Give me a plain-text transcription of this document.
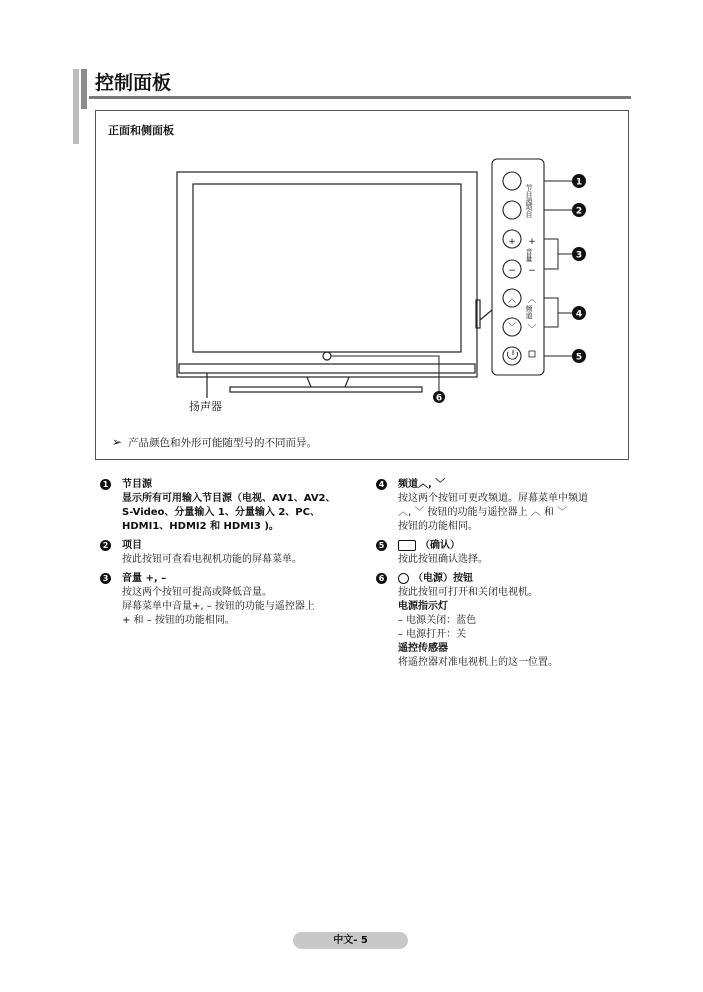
控制面板
正面和侧面板
扬声器
6
+
−
︿
﹀
+
−
︿
﹀
节目源
项目
音量
频道
1
2
3
4
5
➢ 产品颜色和外形可能随型号的不同而异。
1 节目源
显示所有可用输入节目源（电视、AV1、AV2、
S-Video、分量输入 1、分量输入 2、PC、
HDMI1、HDMI2 和 HDMI3 )。
2 项目
按此按钮可查看电视机功能的屏幕菜单。
3 音量 +, –
按这两个按钮可提高或降低音量。
屏幕菜单中音量+, – 按钮的功能与遥控器上
+ 和 – 按钮的功能相同。
4 频道︿, ﹀
按这两个按钮可更改频道。屏幕菜单中频道
︿, ﹀ 按钮的功能与遥控器上 ︿ 和 ﹀
按钮的功能相同。
5	（确认）
按此按钮确认选择。
6	（电源）按钮
按此按钮可打开和关闭电视机。
电源指示灯
– 电源关闭：蓝色
– 电源打开：关
遥控传感器
将遥控器对准电视机上的这一位置。
中文- 5
